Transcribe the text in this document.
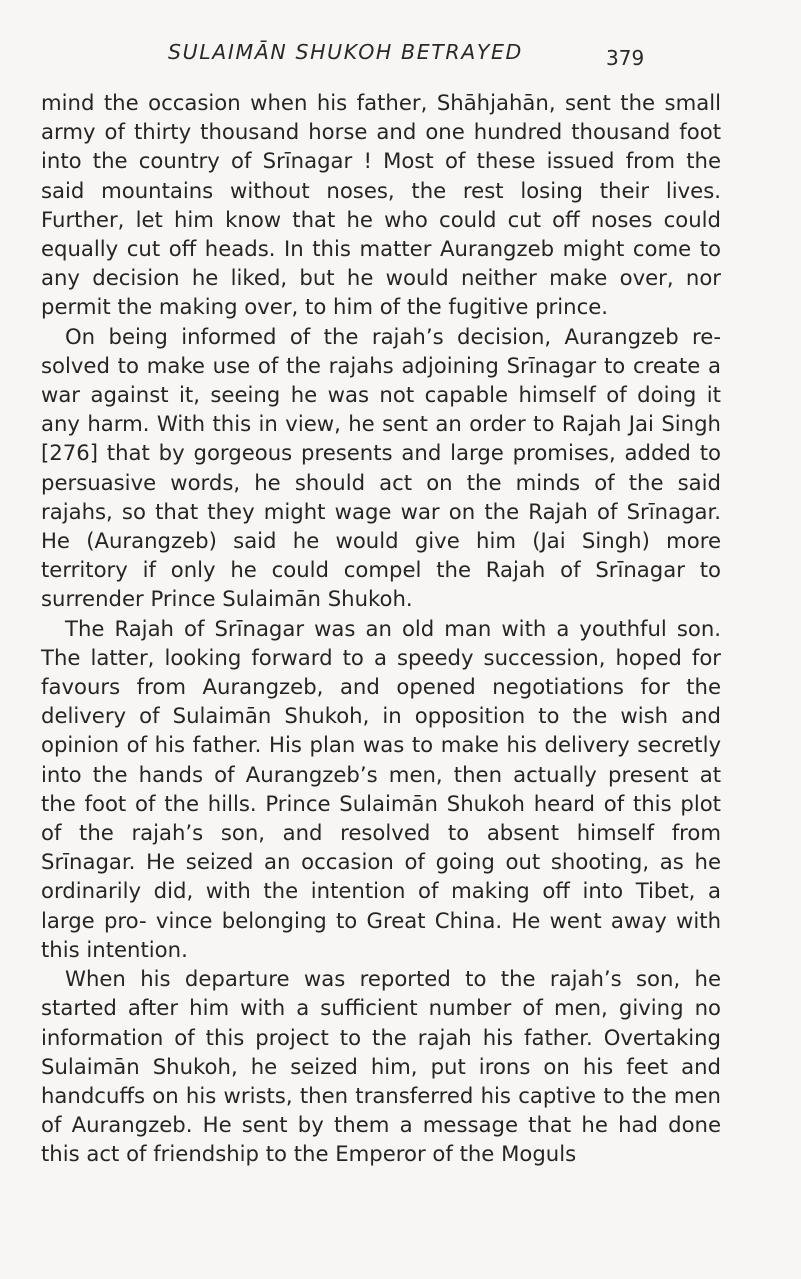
SULAIMĀN SHUKOH BETRAYED	379

mind the occasion when his father, Shāhjahān, sent the small army of thirty thousand horse and one hundred thousand foot into the country of Srīnagar ! Most of these issued from the said mountains without noses, the rest losing their lives. Further, let him know that he who could cut off noses could equally cut off heads. In this matter Aurangzeb might come to any decision he liked, but he would neither make over, nor permit the making over, to him of the fugitive prince.

On being informed of the rajah’s decision, Aurangzeb re- solved to make use of the rajahs adjoining Srīnagar to create a war against it, seeing he was not capable himself of doing it any harm. With this in view, he sent an order to Rajah Jai Singh [276] that by gorgeous presents and large promises, added to persuasive words, he should act on the minds of the said rajahs, so that they might wage war on the Rajah of Srīnagar. He (Aurangzeb) said he would give him (Jai Singh) more territory if only he could compel the Rajah of Srīnagar to surrender Prince Sulaimān Shukoh.

The Rajah of Srīnagar was an old man with a youthful son. The latter, looking forward to a speedy succession, hoped for favours from Aurangzeb, and opened negotiations for the delivery of Sulaimān Shukoh, in opposition to the wish and opinion of his father. His plan was to make his delivery secretly into the hands of Aurangzeb’s men, then actually present at the foot of the hills. Prince Sulaimān Shukoh heard of this plot of the rajah’s son, and resolved to absent himself from Srīnagar. He seized an occasion of going out shooting, as he ordinarily did, with the intention of making off into Tibet, a large pro- vince belonging to Great China. He went away with this intention.

When his departure was reported to the rajah’s son, he started after him with a sufficient number of men, giving no information of this project to the rajah his father. Overtaking Sulaimān Shukoh, he seized him, put irons on his feet and handcuffs on his wrists, then transferred his captive to the men of Aurangzeb. He sent by them a message that he had done this act of friendship to the Emperor of the Moguls
